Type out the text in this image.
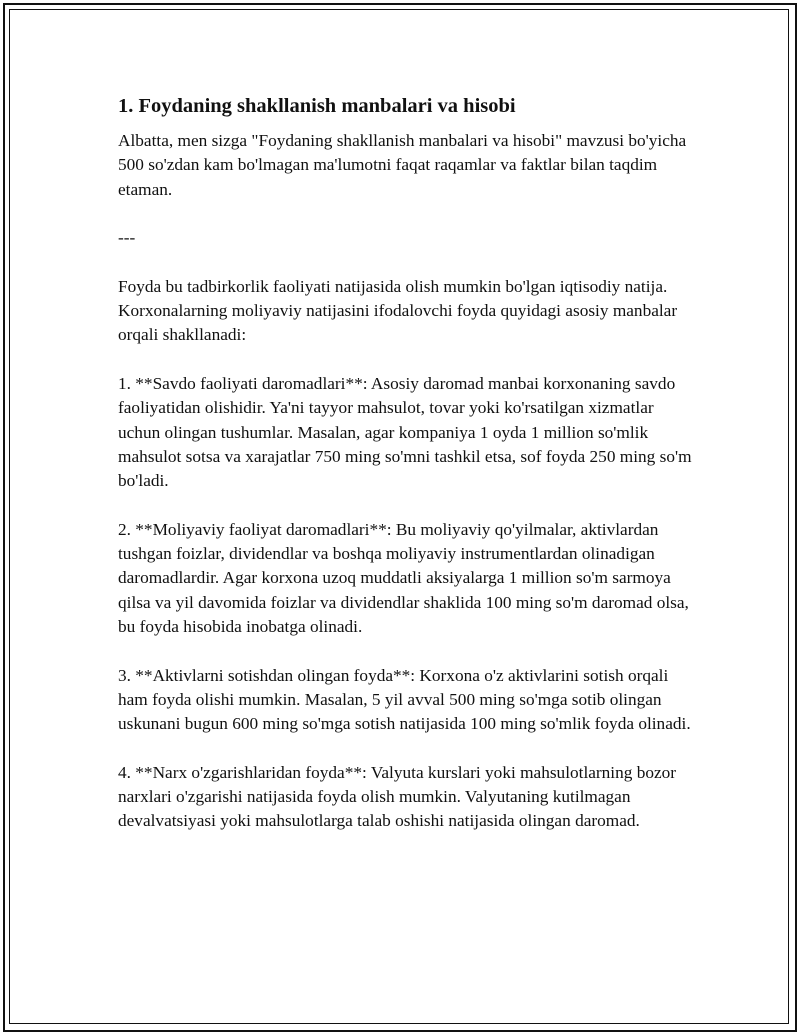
1. Foydaning shakllanish manbalari va hisobi

Albatta, men sizga "Foydaning shakllanish manbalari va hisobi" mavzusi bo'yicha 500 so'zdan kam bo'lmagan ma'lumotni faqat raqamlar va faktlar bilan taqdim etaman.

---

Foyda bu tadbirkorlik faoliyati natijasida olish mumkin bo'lgan iqtisodiy natija. Korxonalarning moliyaviy natijasini ifodalovchi foyda quyidagi asosiy manbalar orqali shakllanadi:

1. **Savdo faoliyati daromadlari**: Asosiy daromad manbai korxonaning savdo faoliyatidan olishidir. Ya'ni tayyor mahsulot, tovar yoki ko'rsatilgan xizmatlar uchun olingan tushumlar. Masalan, agar kompaniya 1 oyda 1 million so'mlik mahsulot sotsa va xarajatlar 750 ming so'mni tashkil etsa, sof foyda 250 ming so'm bo'ladi.

2. **Moliyaviy faoliyat daromadlari**: Bu moliyaviy qo'yilmalar, aktivlardan tushgan foizlar, dividendlar va boshqa moliyaviy instrumentlardan olinadigan daromadlardir. Agar korxona uzoq muddatli aksiyalarga 1 million so'm sarmoya qilsa va yil davomida foizlar va dividendlar shaklida 100 ming so'm daromad olsa, bu foyda hisobida inobatga olinadi.

3. **Aktivlarni sotishdan olingan foyda**: Korxona o'z aktivlarini sotish orqali ham foyda olishi mumkin. Masalan, 5 yil avval 500 ming so'mga sotib olingan uskunani bugun 600 ming so'mga sotish natijasida 100 ming so'mlik foyda olinadi.

4. **Narx o'zgarishlaridan foyda**: Valyuta kurslari yoki mahsulotlarning bozor narxlari o'zgarishi natijasida foyda olish mumkin. Valyutaning kutilmagan devalvatsiyasi yoki mahsulotlarga talab oshishi natijasida olingan daromad.
